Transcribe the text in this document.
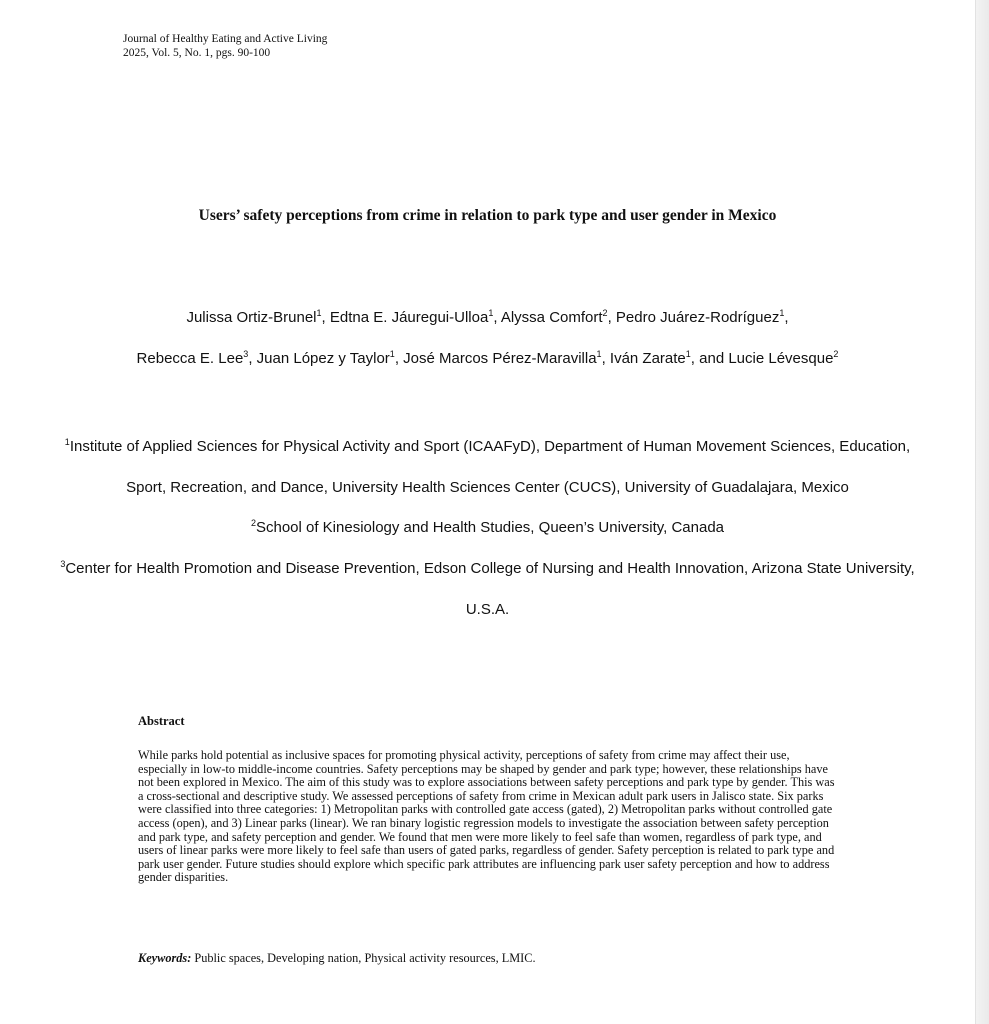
Journal of Healthy Eating and Active Living
2025, Vol. 5, No. 1, pgs. 90-100
Users’ safety perceptions from crime in relation to park type and user gender in Mexico
Julissa Ortiz-Brunel$^1$, Edtna E. Jáuregui-Ulloa$^1$, Alyssa Comfort$^2$, Pedro Juárez-Rodríguez$^1$,
Rebecca E. Lee$^3$, Juan López y Taylor$^1$, José Marcos Pérez-Maravilla$^1$, Iván Zarate$^1$, and Lucie Lévesque$^2$

$^1$Institute of Applied Sciences for Physical Activity and Sport (ICAAFyD), Department of Human Movement Sciences, Education, Sport, Recreation, and Dance, University Health Sciences Center (CUCS), University of Guadalajara, Mexico

$^2$School of Kinesiology and Health Studies, Queen’s University, Canada

$^3$Center for Health Promotion and Disease Prevention, Edson College of Nursing and Health Innovation, Arizona State University, U.S.A.

Abstract
While parks hold potential as inclusive spaces for promoting physical activity, perceptions of safety from crime may affect their use, especially in low-to middle-income countries. Safety perceptions may be shaped by gender and park type; however, these relationships have not been explored in Mexico. The aim of this study was to explore associations between safety perceptions and park type by gender. This was a cross-sectional and descriptive study. We assessed perceptions of safety from crime in Mexican adult park users in Jalisco state. Six parks were classified into three categories: 1) Metropolitan parks with controlled gate access (gated), 2) Metropolitan parks without controlled gate access (open), and 3) Linear parks (linear). We ran binary logistic regression models to investigate the association between safety perception and park type, and safety perception and gender. We found that men were more likely to feel safe than women, regardless of park type, and users of linear parks were more likely to feel safe than users of gated parks, regardless of gender. Safety perception is related to park type and park user gender. Future studies should explore which specific park attributes are influencing park user safety perception and how to address gender disparities.
Keywords: Public spaces, Developing nation, Physical activity resources, LMIC.
